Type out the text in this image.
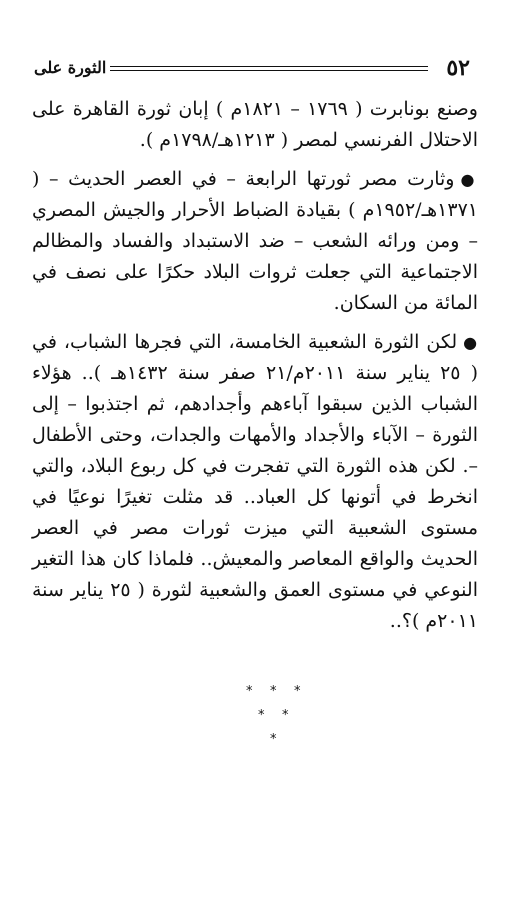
الثورة على	٥٢

وصنع بونابرت ( ١٧٦٩ – ١٨٢١م ) إبان ثورة القاهرة على الاحتلال الفرنسي لمصر ( ١٢١٣هـ/١٧٩٨م ).

●وثارت مصر ثورتها الرابعة – في العصر الحديث – ( ١٣٧١هـ/١٩٥٢م ) بقيادة الضباط الأحرار والجيش المصري – ومن ورائه الشعب – ضد الاستبداد والفساد والمظالم الاجتماعية التي جعلت ثروات البلاد حكرًا على نصف في المائة من السكان.

●لكن الثورة الشعبية الخامسة، التي فجرها الشباب، في ( ٢٥ يناير سنة ٢٠١١م/٢١ صفر سنة ١٤٣٢هـ ).. هؤلاء الشباب الذين سبقوا آباءهم وأجدادهم، ثم اجتذبوا – إلى الثورة – الآباء والأجداد والأمهات والجدات، وحتى الأطفال –. لكن هذه الثورة التي تفجرت في كل ربوع البلاد، والتي انخرط في أتونها كل العباد.. قد مثلت تغيرًا نوعيًا في مستوى الشعبية التي ميزت ثورات مصر في العصر الحديث والواقع المعاصر والمعيش.. فلماذا كان هذا التغير النوعي في مستوى العمق والشعبية لثورة ( ٢٥ يناير سنة ٢٠١١م )؟..

* * *
* *
*
